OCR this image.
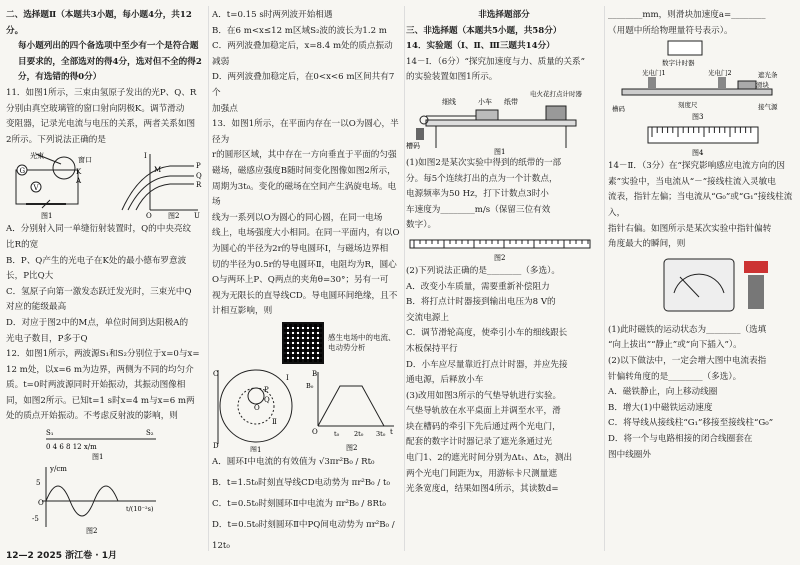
二、选择题Ⅱ（本题共3小题，每小题4分，共12分。

每小题列出的四个备选项中至少有一个是符合题

目要求的，全部选对的得4分，选对但不全的得2

分，有选错的得0分）

11．如图1所示，三束由氢原子发出的光P、Q、R

分别由真空玻璃管的窗口射向阴极K。调节滑动

变阻器，记录光电流与电压的关系，两者关系如图

2所示。下列说法正确的是

光束	窗口
K
A
V
G
图1
I
U
O
P
Q
R
M
图2

A．分别射入同一单缝衍射装置时，Q的中央亮纹

比R的宽

B．P、Q产生的光电子在K处的最小德布罗意波

长，P比Q大

C．氢原子向第一激发态跃迁发光时，三束光中Q

对应的能级最高

D．对应于图2中的M点，单位时间到达阳极A的

光电子数目，P多于Q

12．如图1所示，两波源S₁和S₂分别位于x=0与x=

12 m处，以x=6 m为边界，两侧为不同的均匀介

质。t=0时两波源同时开始振动，其振动图像相

同，如图2所示。已知t=1 s时x=4 m与x=6 m两

处的质点开始振动。不考虑反射波的影响，则

S₁	S₂
0 4 6 8 12 x/m
图1
y/cm
t/(10⁻²s)
5
-5
O
图2

A．t=0.15 s时两列波开始相遇

B．在6 m<x≤12 m区域S₂波的波长为1.2 m

C．两列波叠加稳定后，x=8.4 m处的质点振动

减弱

D．两列波叠加稳定后，在0<x<6 m区间共有7个

加强点

13．如图1所示，在平面内存在一以O为圆心，半径为

r的圆形区域，其中存在一方向垂直于平面的匀强

磁场，磁感应强度B随时间变化图像如图2所示，

周期为3t₀。变化的磁场在空间产生涡旋电场。电场

线为一系列以O为圆心的同心圆，在同一电场

线上，电场强度大小相同。在同一平面内，有以O

为圆心的半径为2r的导电圆环Ⅰ，与磁场边界相

切的半径为0.5r的导电圆环Ⅱ，电阻均为R，圆心

O与两环上P、Q两点的夹角θ=30°；另有一可

视为无限长的直导线CD。导电圆环间绝缘，且不

计相互影响，则

感生电场中的电流、

电动势分析

C
D
O
P
Q
Ⅰ
Ⅱ
图1
B
B₀
t
t₀ 2t₀ 3t₀
O
图2

A．圆环Ⅰ中电流的有效值为 √3πr²B₀ / Rt₀

B．t=1.5t₀时刻直导线CD电动势为 πr²B₀ / t₀

C．t=0.5t₀时刻圆环Ⅱ中电流为 πr²B₀ / 8Rt₀

D．t=0.5t₀时刻圆环Ⅱ中PQ间电动势为 πr²B₀ / 12t₀

非选择题部分

三、非选择题（本题共5小题，共58分）

14．实验题（Ⅰ、Ⅱ、Ⅲ三题共14分）

14－Ⅰ．（6分）“探究加速度与力、质量的关系”

的实验装置如图1所示。

细线	小车 纸带
电火花打点计时器
槽码
图1

(1)如图2是某次实验中得到的纸带的一部

分。每5个连续打出的点为一个计数点，

电源频率为50 Hz，打下计数点3时小

车速度为________m/s（保留三位有效

数字）。

图2

(2)下列说法正确的是________（多选）。

A．改变小车质量，需要重新补偿阻力

B．将打点计时器接到输出电压为8 V的

交流电源上

C．调节滑轮高度，使牵引小车的细线跟长

木板保持平行

D．小车应尽量靠近打点计时器，并应先接

通电源，后释放小车

(3)改用如图3所示的气垫导轨进行实验。

气垫导轨放在水平桌面上并调至水平，滑

块在槽码的牵引下先后通过两个光电门，

配套的数字计时器记录了遮光条通过光

电门1、2的遮光时间分别为Δt₁、Δt₂，测出

两个光电门间距为x，用游标卡尺测量遮

光条宽度d，结果如图4所示，其读数d=

________mm，则滑块加速度a=________

（用题中所给物理量符号表示）。

数字计时器
光电门1	光电门2	遮光条
滑块
刻度尺	接气源
槽码
图3
图4

14－Ⅱ．（3分）在“探究影响感应电流方向的因

素”实验中，当电流从“－”接线柱流入灵敏电

流表，指针左偏；当电流从“G₀”或“G₁”接线柱流入，

指针右偏。如图所示是某次实验中指针偏转

角度最大的瞬间，则

(1)此时磁铁的运动状态为________（选填

“向上拔出”“静止”或“向下插入”）。

(2)以下做法中，一定会增大图中电流表指

针偏转角度的是________（多选）。

A．磁铁静止，向上移动线圈

B．增大(1)中磁铁运动速度

C．将导线从接线柱“G₁”移接至接线柱“G₀”

D．将一个与电路相接的闭合线圈套在

图中线圈外

12—2 2025 浙江卷 · 1月
